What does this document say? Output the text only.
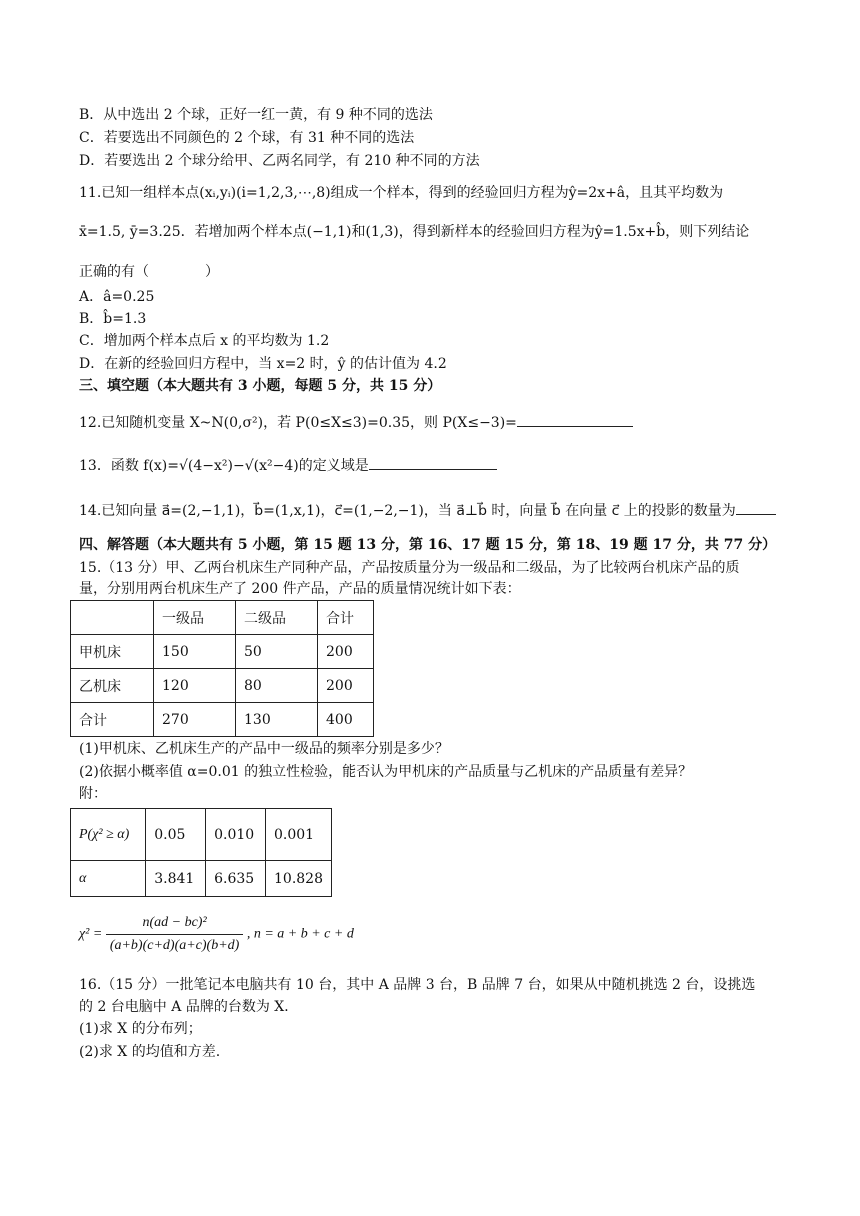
B．从中选出 2 个球，正好一红一黄，有 9 种不同的选法
C．若要选出不同颜色的 2 个球，有 31 种不同的选法
D．若要选出 2 个球分给甲、乙两名同学，有 210 种不同的方法
11.已知一组样本点(xᵢ,yᵢ)(i=1,2,3,⋯,8)组成一个样本，得到的经验回归方程为ŷ=2x+â，且其平均数为
x̄=1.5, ȳ=3.25．若增加两个样本点(−1,1)和(1,3)，得到新样本的经验回归方程为ŷ=1.5x+b̂，则下列结论
正确的有（　　　　）
A．â=0.25
B．b̂=1.3
C．增加两个样本点后 x 的平均数为 1.2
D．在新的经验回归方程中，当 x=2 时，ŷ 的估计值为 4.2
三、填空题（本大题共有 3 小题，每题 5 分，共 15 分）
12.已知随机变量 X~N(0,σ²)，若 P(0≤X≤3)=0.35，则 P(X≤−3)=
13．函数 f(x)=√(4−x²)−√(x²−4)的定义域是
14.已知向量 a⃗=(2,−1,1)，b⃗=(1,x,1)，c⃗=(1,−2,−1)，当 a⃗⊥b⃗ 时，向量 b⃗ 在向量 c⃗ 上的投影的数量为
四、解答题（本大题共有 5 小题，第 15 题 13 分，第 16、17 题 15 分，第 18、19 题 17 分，共 77 分）
15.（13 分）甲、乙两台机床生产同种产品，产品按质量分为一级品和二级品，为了比较两台机床产品的质
量，分别用两台机床生产了 200 件产品，产品的质量情况统计如下表：
	一级品	二级品	合计
甲机床	150	50	200
乙机床	120	80	200
合计	270	130	400
(1)甲机床、乙机床生产的产品中一级品的频率分别是多少？
(2)依据小概率值 α=0.01 的独立性检验，能否认为甲机床的产品质量与乙机床的产品质量有差异？
附：
P(χ² ≥ α)	0.05	0.010	0.001
α	3.841	6.635	10.828
$\chi^2 = \frac{\text{n(ad − bc)²}}{(a+b)(c+d)(a+c)(b+d)}$ , n = a + b + c + d
16.（15 分）一批笔记本电脑共有 10 台，其中 A 品牌 3 台，B 品牌 7 台，如果从中随机挑选 2 台，设挑选
的 2 台电脑中 A 品牌的台数为 X．
(1)求 X 的分布列；
(2)求 X 的均值和方差.
